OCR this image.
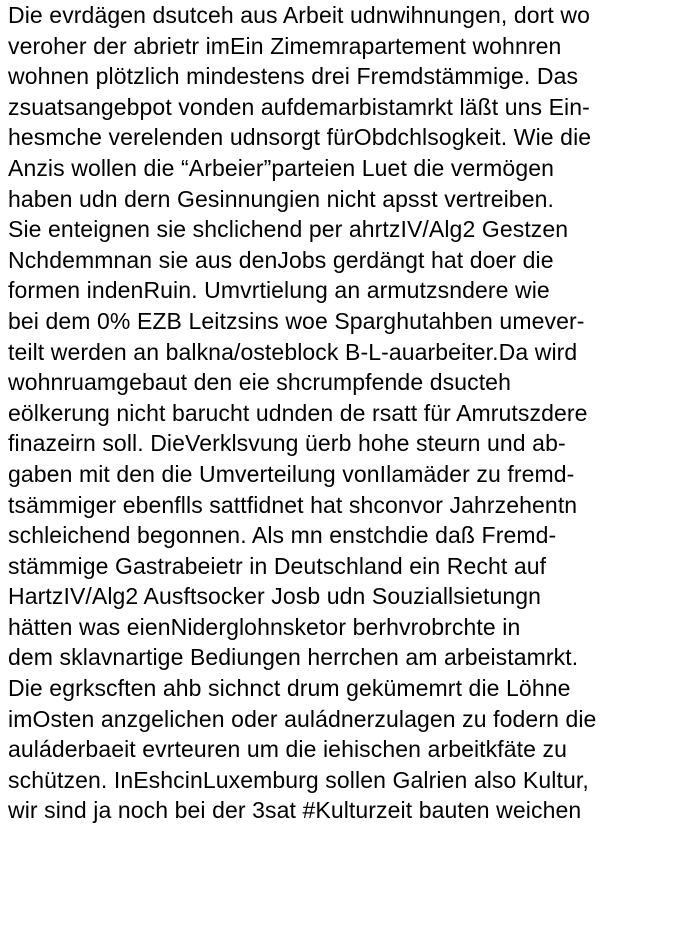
Die evrdägen dsutceh aus Arbeit udnwihnungen, dort wo
veroher der abrietr imEin Zimemrapartement wohnren
wohnen plötzlich mindestens drei Fremdstämmige. Das
zsuatsangebpot vonden aufdemarbistamrkt läßt uns Ein-
hesmche verelenden udnsorgt fürObdchlsogkeit. Wie die
Anzis wollen die “Arbeier”parteien Luet die vermögen
haben udn dern Gesinnungien nicht apsst vertreiben.
Sie enteignen sie shclichend per ahrtzIV/Alg2 Gestzen
Nchdemmnan sie aus denJobs gerdängt hat doer die
formen indenRuin. Umvrtielung an armutzsndere wie
bei dem 0% EZB Leitzsins woe Sparghutahben umever-
teilt werden an balkna/osteblock B-L-auarbeiter.Da wird
wohnruamgebaut den eie shcrumpfende dsucteh
eölkerung nicht barucht udnden de rsatt für Amrutszdere
finazeirn soll. DieVerklsvung üerb hohe steurn und ab-
gaben mit den die Umverteilung vonIlamäder zu fremd-
tsämmiger ebenflls sattfidnet hat shconvor Jahrzehentn
schleichend begonnen. Als mn enstchdie daß Fremd-
stämmige Gastrabeietr in Deutschland ein Recht auf
HartzIV/Alg2 Ausftsocker Josb udn Souziallsietungn
hätten was eienNiderglohnsketor berhvrobrchte in
dem sklavnartige Bediungen herrchen am arbeistamrkt.
Die egrkscften ahb sichnct drum gekümemrt die Löhne
imOsten anzgelichen oder auládnerzulagen zu fodern die
auláderbaeit evrteuren um die iehischen arbeitkfäte zu
schützen. InEshcinLuxemburg sollen Galrien also Kultur,
wir sind ja noch bei der 3sat #Kulturzeit bauten weichen
